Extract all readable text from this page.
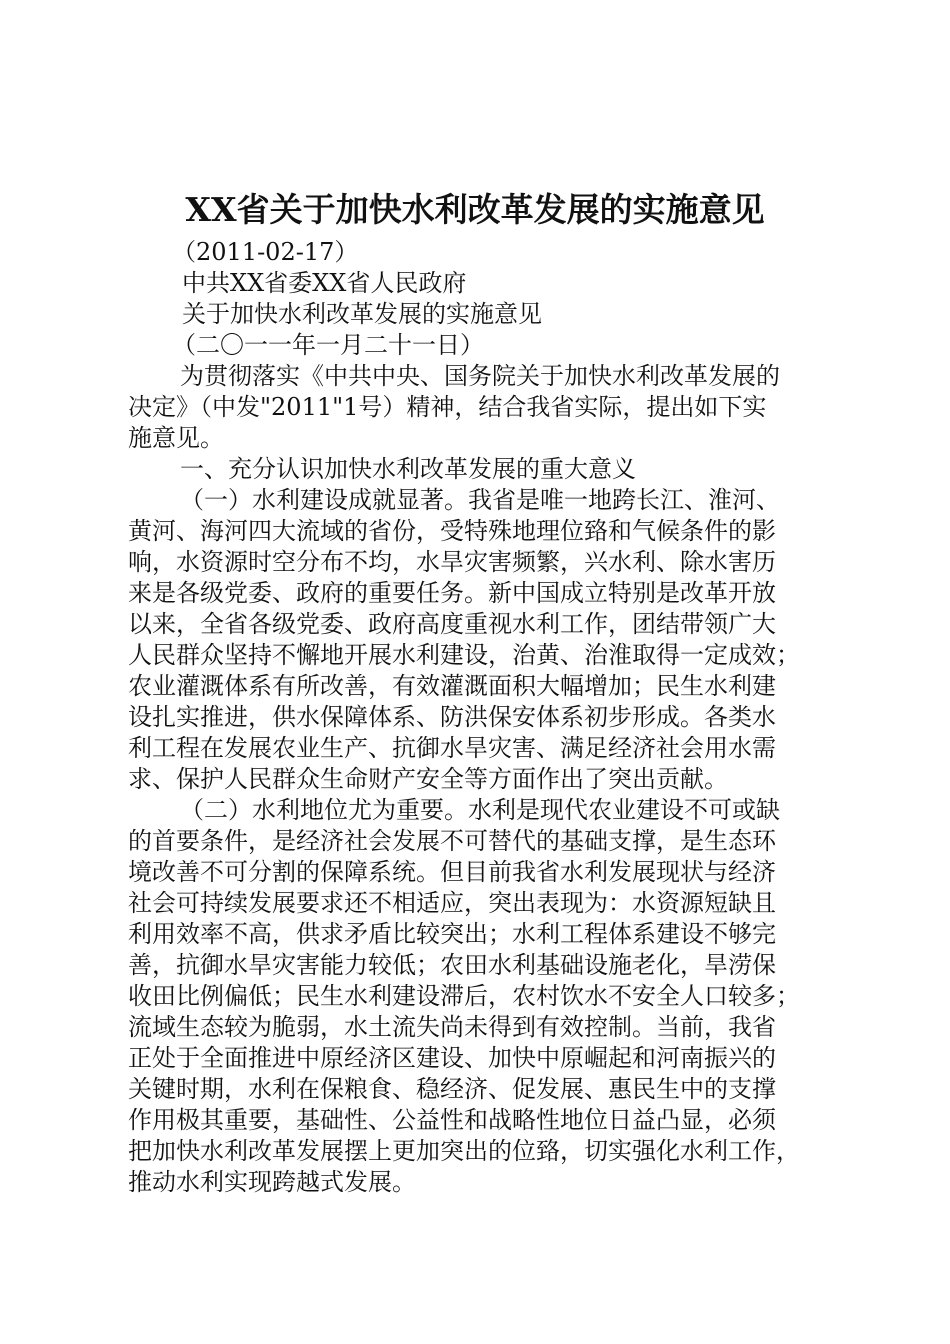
XX省关于加快水利改革发展的实施意见
（2011-02-17）
中共XX省委XX省人民政府
关于加快水利改革发展的实施意见
（二〇一一年一月二十一日）
为贯彻落实《中共中央、国务院关于加快水利改革发展的
决定》（中发"2011"1号）精神，结合我省实际，提出如下实
施意见。
一、充分认识加快水利改革发展的重大意义
（一）水利建设成就显著。我省是唯一地跨长江、淮河、
黄河、海河四大流域的省份，受特殊地理位臵和气候条件的影
响，水资源时空分布不均，水旱灾害频繁，兴水利、除水害历
来是各级党委、政府的重要任务。新中国成立特别是改革开放
以来，全省各级党委、政府高度重视水利工作，团结带领广大
人民群众坚持不懈地开展水利建设，治黄、治淮取得一定成效；
农业灌溉体系有所改善，有效灌溉面积大幅增加；民生水利建
设扎实推进，供水保障体系、防洪保安体系初步形成。各类水
利工程在发展农业生产、抗御水旱灾害、满足经济社会用水需
求、保护人民群众生命财产安全等方面作出了突出贡献。
（二）水利地位尤为重要。水利是现代农业建设不可或缺
的首要条件，是经济社会发展不可替代的基础支撑，是生态环
境改善不可分割的保障系统。但目前我省水利发展现状与经济
社会可持续发展要求还不相适应，突出表现为：水资源短缺且
利用效率不高，供求矛盾比较突出；水利工程体系建设不够完
善，抗御水旱灾害能力较低；农田水利基础设施老化，旱涝保
收田比例偏低；民生水利建设滞后，农村饮水不安全人口较多；
流域生态较为脆弱，水土流失尚未得到有效控制。当前，我省
正处于全面推进中原经济区建设、加快中原崛起和河南振兴的
关键时期，水利在保粮食、稳经济、促发展、惠民生中的支撑
作用极其重要，基础性、公益性和战略性地位日益凸显，必须
把加快水利改革发展摆上更加突出的位臵，切实强化水利工作，
推动水利实现跨越式发展。
